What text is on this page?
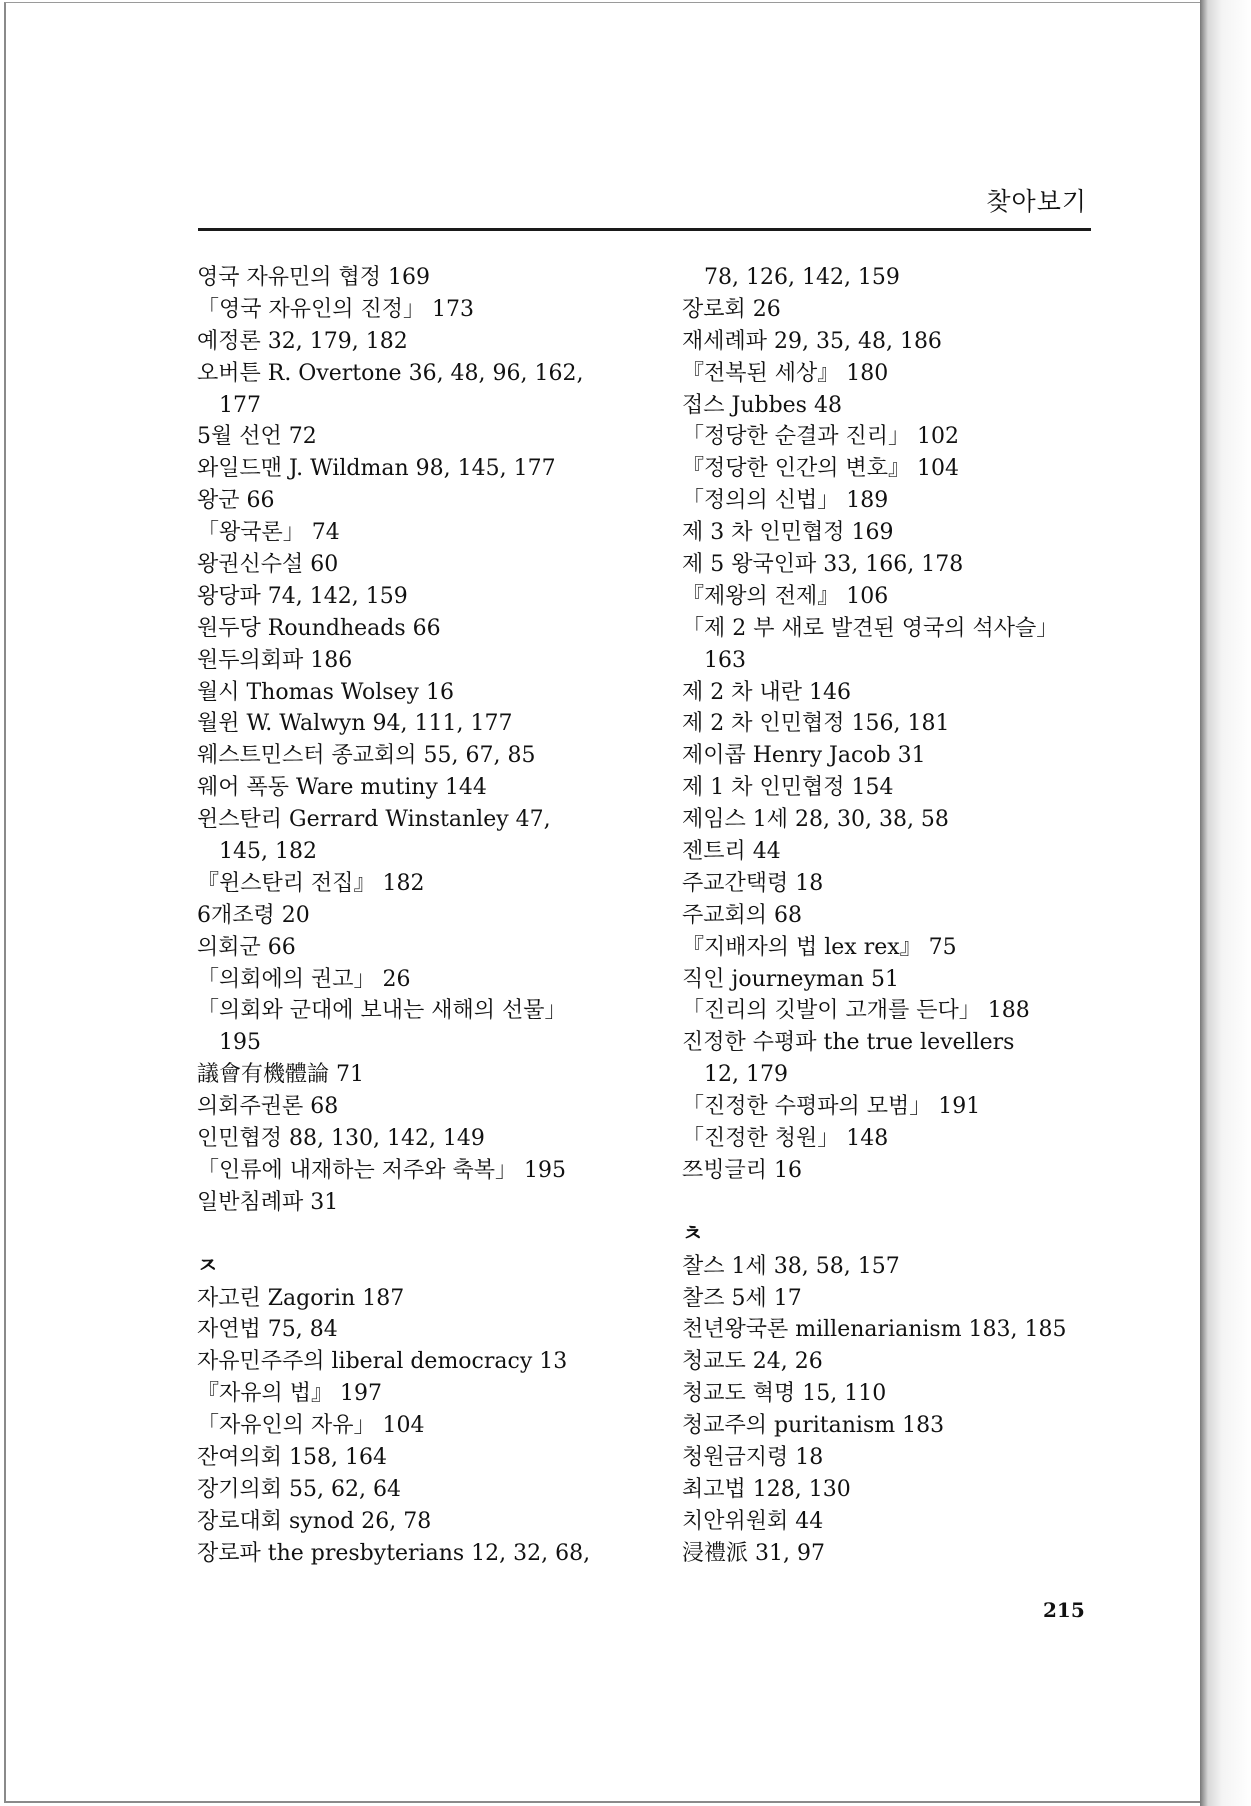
찾아보기
영국 자유민의 협정 169
「영국 자유인의 진정」 173
예정론 32, 179, 182
오버튼 R. Overtone 36, 48, 96, 162,
177
5월 선언 72
와일드맨 J. Wildman 98, 145, 177
왕군 66
「왕국론」 74
왕권신수설 60
왕당파 74, 142, 159
원두당 Roundheads 66
원두의회파 186
월시 Thomas Wolsey 16
월윈 W. Walwyn 94, 111, 177
웨스트민스터 종교회의 55, 67, 85
웨어 폭동 Ware mutiny 144
윈스탄리 Gerrard Winstanley 47,
145, 182
『윈스탄리 전집』 182
6개조령 20
의회군 66
「의회에의 권고」 26
「의회와 군대에 보내는 새해의 선물」
195
議會有機體論 71
의회주권론 68
인민협정 88, 130, 142, 149
「인류에 내재하는 저주와 축복」 195
일반침례파 31
ㅈ
자고린 Zagorin 187
자연법 75, 84
자유민주주의 liberal democracy 13
『자유의 법』 197
「자유인의 자유」 104
잔여의회 158, 164
장기의회 55, 62, 64
장로대회 synod 26, 78
장로파 the presbyterians 12, 32, 68,
78, 126, 142, 159
장로회 26
재세례파 29, 35, 48, 186
『전복된 세상』 180
접스 Jubbes 48
「정당한 순결과 진리」 102
『정당한 인간의 변호』 104
「정의의 신법」 189
제 3 차 인민협정 169
제 5 왕국인파 33, 166, 178
『제왕의 전제』 106
「제 2 부 새로 발견된 영국의 석사슬」
163
제 2 차 내란 146
제 2 차 인민협정 156, 181
제이콥 Henry Jacob 31
제 1 차 인민협정 154
제임스 1세 28, 30, 38, 58
젠트리 44
주교간택령 18
주교회의 68
『지배자의 법 lex rex』 75
직인 journeyman 51
「진리의 깃발이 고개를 든다」 188
진정한 수평파 the true levellers
12, 179
「진정한 수평파의 모범」 191
「진정한 청원」 148
쯔빙글리 16
ㅊ
찰스 1세 38, 58, 157
찰즈 5세 17
천년왕국론 millenarianism 183, 185
청교도 24, 26
청교도 혁명 15, 110
청교주의 puritanism 183
청원금지령 18
최고법 128, 130
치안위원회 44
浸禮派 31, 97
215
